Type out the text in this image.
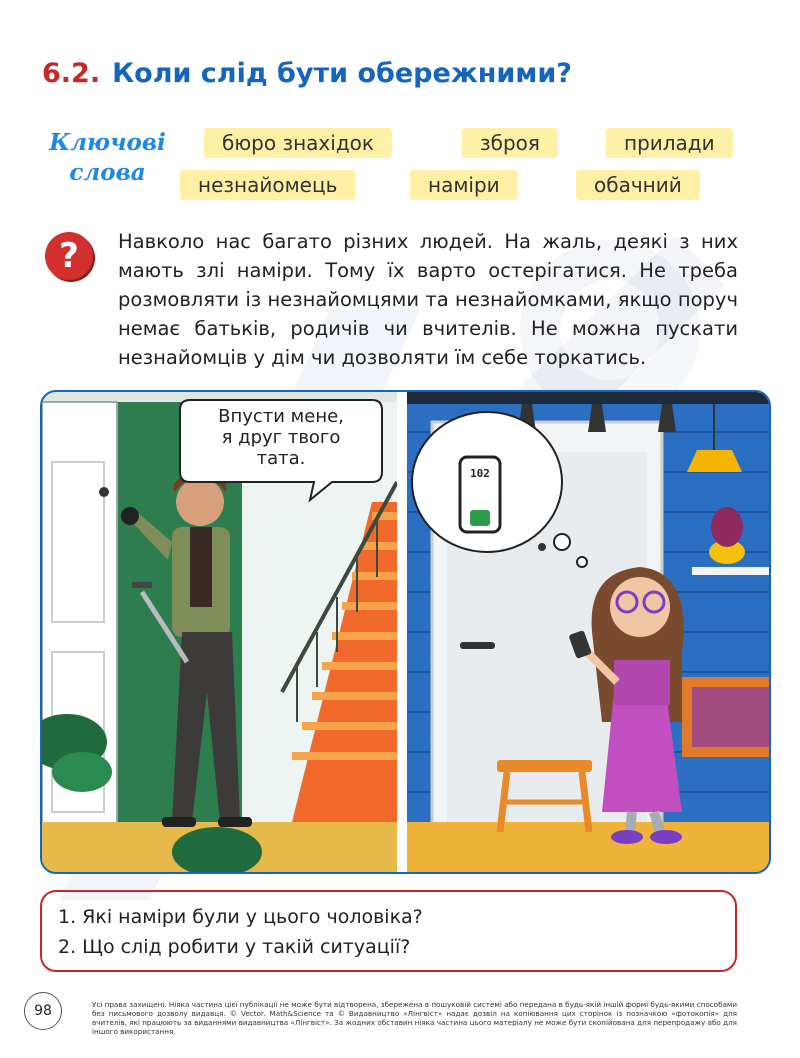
6.2. Коли слід бути обережними?
Ключові
слова
бюро знахідок	зброя	прилади
незнайомець	наміри	обачний
?	Навколо нас багато різних людей. На жаль, деякі з них мають злі наміри. Тому їх варто остерігатися. Не треба розмовляти із незнайомцями та незнайомками, якщо поруч немає батьків, родичів чи вчителів. Не можна пускати незнайомців у дім чи дозволяти їм себе торкатись.
Впусти мене,
я друг твого
тата.
102
1. Які наміри були у цього чоловіка?
2. Що слід робити у такій ситуації?
98	Усі права захищені. Ніяка частина цієї публікації не може бути відтворена, збережена в пошуковій системі або передана в будь-якій іншій формі будь-якими способами без письмового дозволу видавця. © Vector. Math&Science та © Видавництво «Лінгвіст» надає дозвіл на копіювання цих сторінок із позначкою «фотокопія» для вчителів, які працюють за виданнями видавництва «Лінгвіст». За жодних обставин ніяка частина цього матеріалу не може бути скопійована для перепродажу або для іншого використання.
